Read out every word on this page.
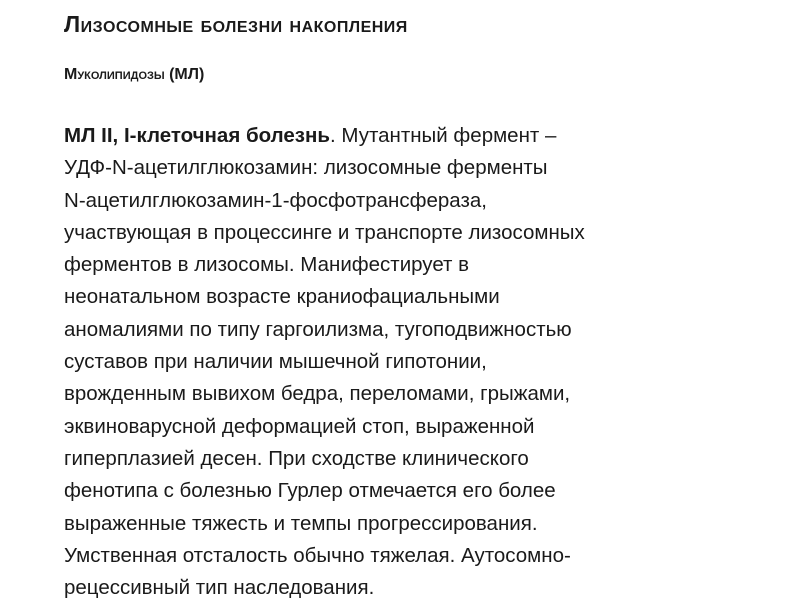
Лизосомные болезни накопления
Муколипидозы (МЛ)
МЛ II, I-клеточная болезнь. Мутантный фермент –
УДФ-N-ацетилглюкозамин: лизосомные ферменты
N-ацетилглюкозамин-1-фосфотрансфераза,
участвующая в процессинге и транспорте лизосомных
ферментов в лизосомы. Манифестирует в
неонатальном возрасте краниофациальными
аномалиями по типу гаргоилизма, тугоподвижностью
суставов при наличии мышечной гипотонии,
врожденным вывихом бедра, переломами, грыжами,
эквиноварусной деформацией стоп, выраженной
гиперплазией десен. При сходстве клинического
фенотипа с болезнью Гурлер отмечается его более
выраженные тяжесть и темпы прогрессирования.
Умственная отсталость обычно тяжелая. Аутосомно-
рецессивный тип наследования.
